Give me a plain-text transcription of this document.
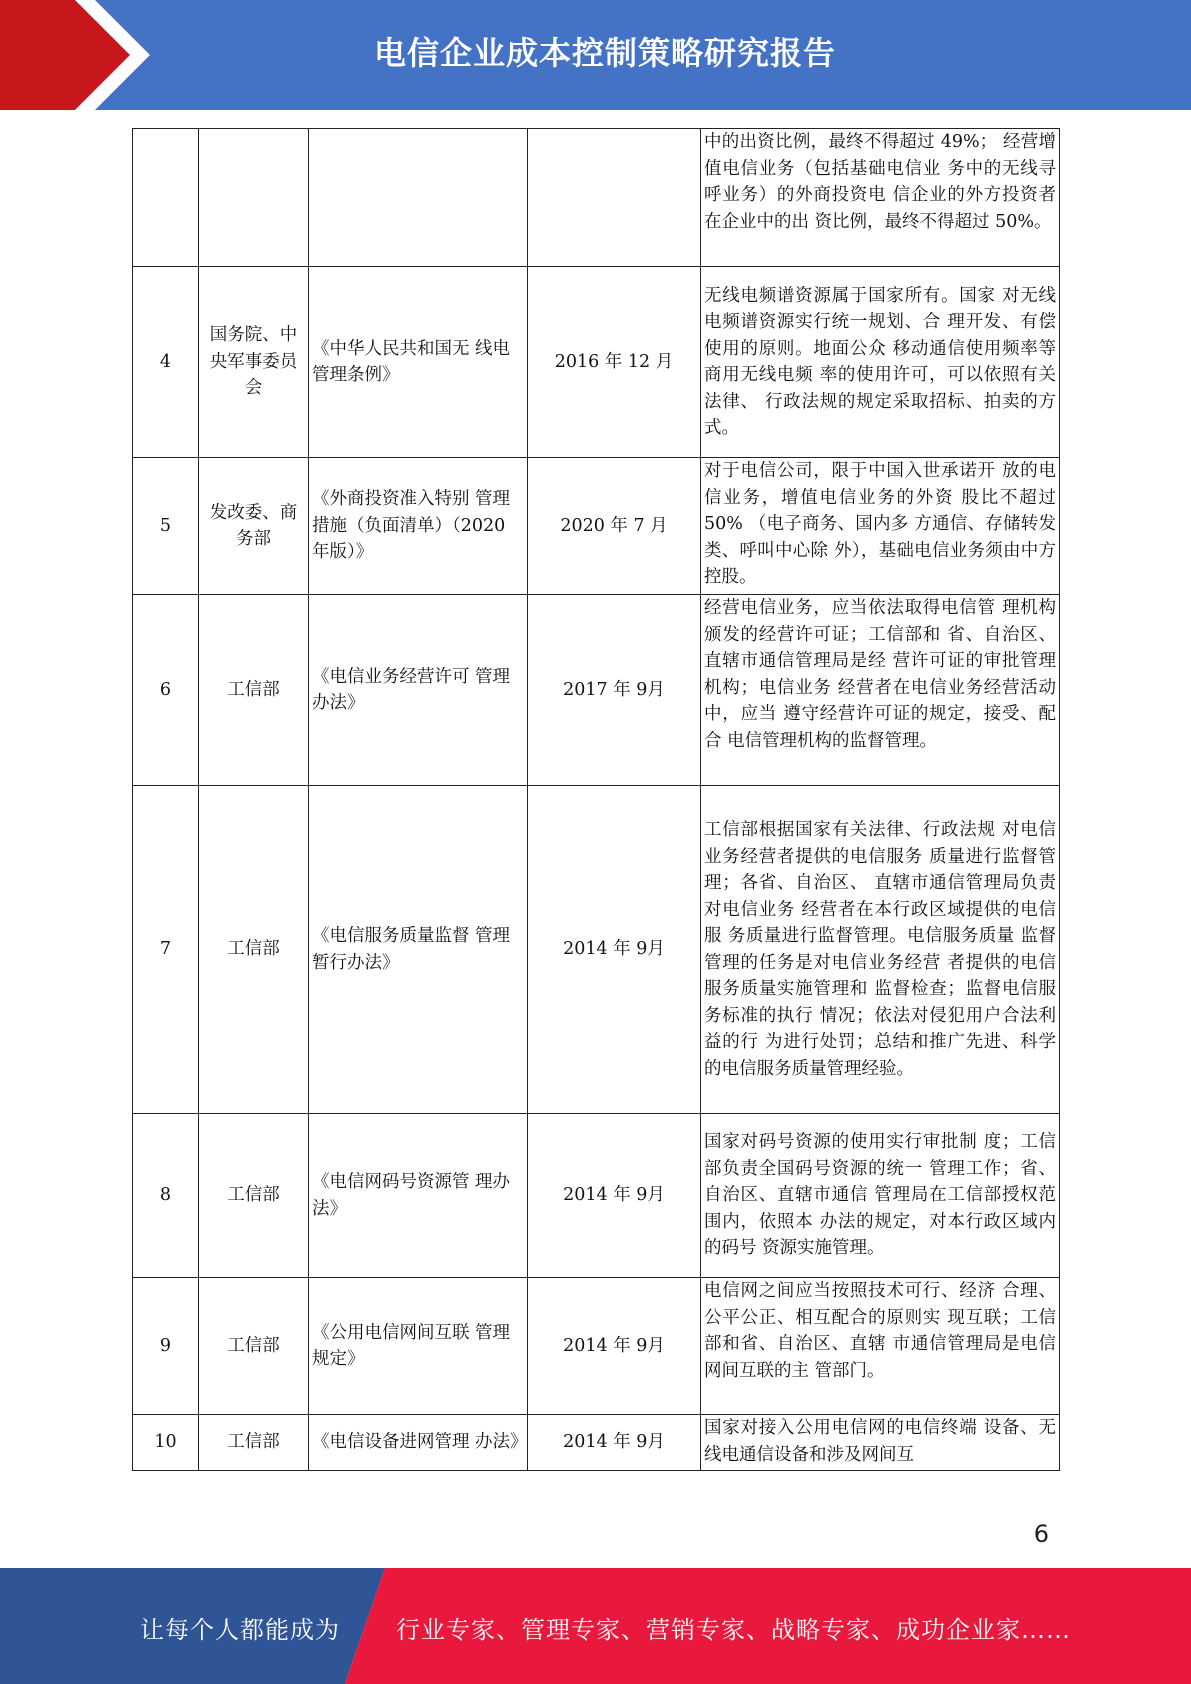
电信企业成本控制策略研究报告
				中的出资比例，最终不得超过 49%； 经营增值电信业务（包括基础电信业 务中的无线寻呼业务）的外商投资电 信企业的外方投资者在企业中的出 资比例，最终不得超过 50%。
4	国务院、中央军事委员会	《中华人民共和国无 线电管理条例》	2016 年 12 月	无线电频谱资源属于国家所有。国家 对无线电频谱资源实行统一规划、合 理开发、有偿使用的原则。地面公众 移动通信使用频率等商用无线电频 率的使用许可，可以依照有关法律、 行政法规的规定采取招标、拍卖的方 式。
5	发改委、商务部	《外商投资准入特别 管理措施（负面清单）（2020 年版）》	2020 年 7 月	对于电信公司，限于中国入世承诺开 放的电信业务，增值电信业务的外资 股比不超过 50% （电子商务、国内多 方通信、存储转发类、呼叫中心除 外），基础电信业务须由中方控股。
6	工信部	《电信业务经营许可 管理办法》	2017 年 9月	经营电信业务，应当依法取得电信管 理机构颁发的经营许可证；工信部和 省、自治区、直辖市通信管理局是经 营许可证的审批管理机构；电信业务 经营者在电信业务经营活动中，应当 遵守经营许可证的规定，接受、配合 电信管理机构的监督管理。
7	工信部	《电信服务质量监督 管理暂行办法》	2014 年 9月	工信部根据国家有关法律、行政法规 对电信业务经营者提供的电信服务 质量进行监督管理；各省、自治区、 直辖市通信管理局负责对电信业务 经营者在本行政区域提供的电信服 务质量进行监督管理。电信服务质量 监督管理的任务是对电信业务经营 者提供的电信服务质量实施管理和 监督检查；监督电信服务标准的执行 情况；依法对侵犯用户合法利益的行 为进行处罚；总结和推广先进、科学 的电信服务质量管理经验。
8	工信部	《电信网码号资源管 理办法》	2014 年 9月	国家对码号资源的使用实行审批制 度；工信部负责全国码号资源的统一 管理工作；省、自治区、直辖市通信 管理局在工信部授权范围内，依照本 办法的规定，对本行政区域内的码号 资源实施管理。
9	工信部	《公用电信网间互联 管理规定》	2014 年 9月	电信网之间应当按照技术可行、经济 合理、公平公正、相互配合的原则实 现互联；工信部和省、自治区、直辖 市通信管理局是电信网间互联的主 管部门。
10	工信部	《电信设备进网管理 办法》	2014 年 9月	国家对接入公用电信网的电信终端 设备、无线电通信设备和涉及网间互
6
让每个人都能成为 行业专家、管理专家、营销专家、战略专家、成功企业家……
